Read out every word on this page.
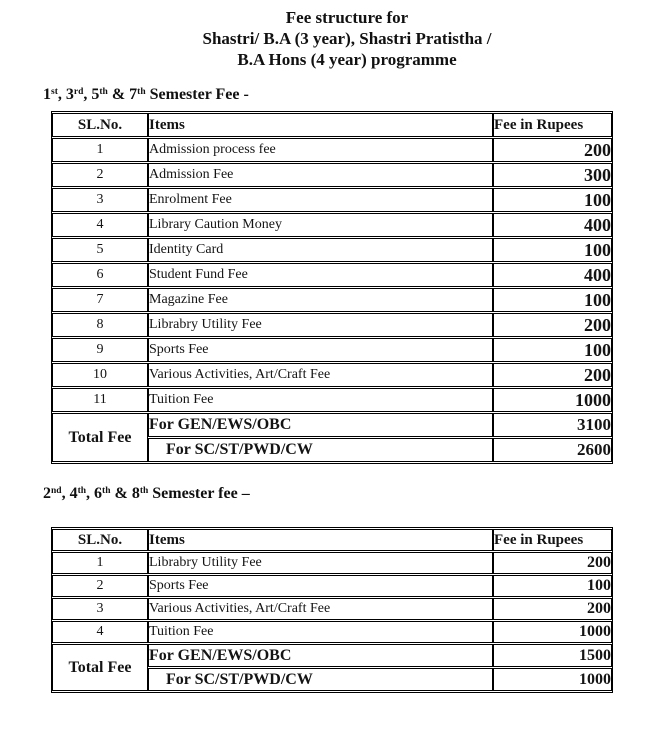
Fee structure for
Shastri/ B.A (3 year), Shastri Pratistha /
B.A Hons (4 year) programme
1st, 3rd, 5th & 7th Semester Fee -
SL.No.	Items	Fee in Rupees
1	Admission process fee	200
2	Admission Fee	300
3	Enrolment Fee	100
4	Library Caution Money	400
5	Identity Card	100
6	Student Fund Fee	400
7	Magazine Fee	100
8	Librabry Utility Fee	200
9	Sports Fee	100
10	Various Activities, Art/Craft Fee	200
11	Tuition Fee	1000
Total Fee	For GEN/EWS/OBC	3100
	For SC/ST/PWD/CW	2600
2nd, 4th, 6th & 8th Semester fee –
SL.No.	Items	Fee in Rupees
1	Librabry Utility Fee	200
2	Sports Fee	100
3	Various Activities, Art/Craft Fee	200
4	Tuition Fee	1000
Total Fee	For GEN/EWS/OBC	1500
	For SC/ST/PWD/CW	1000
